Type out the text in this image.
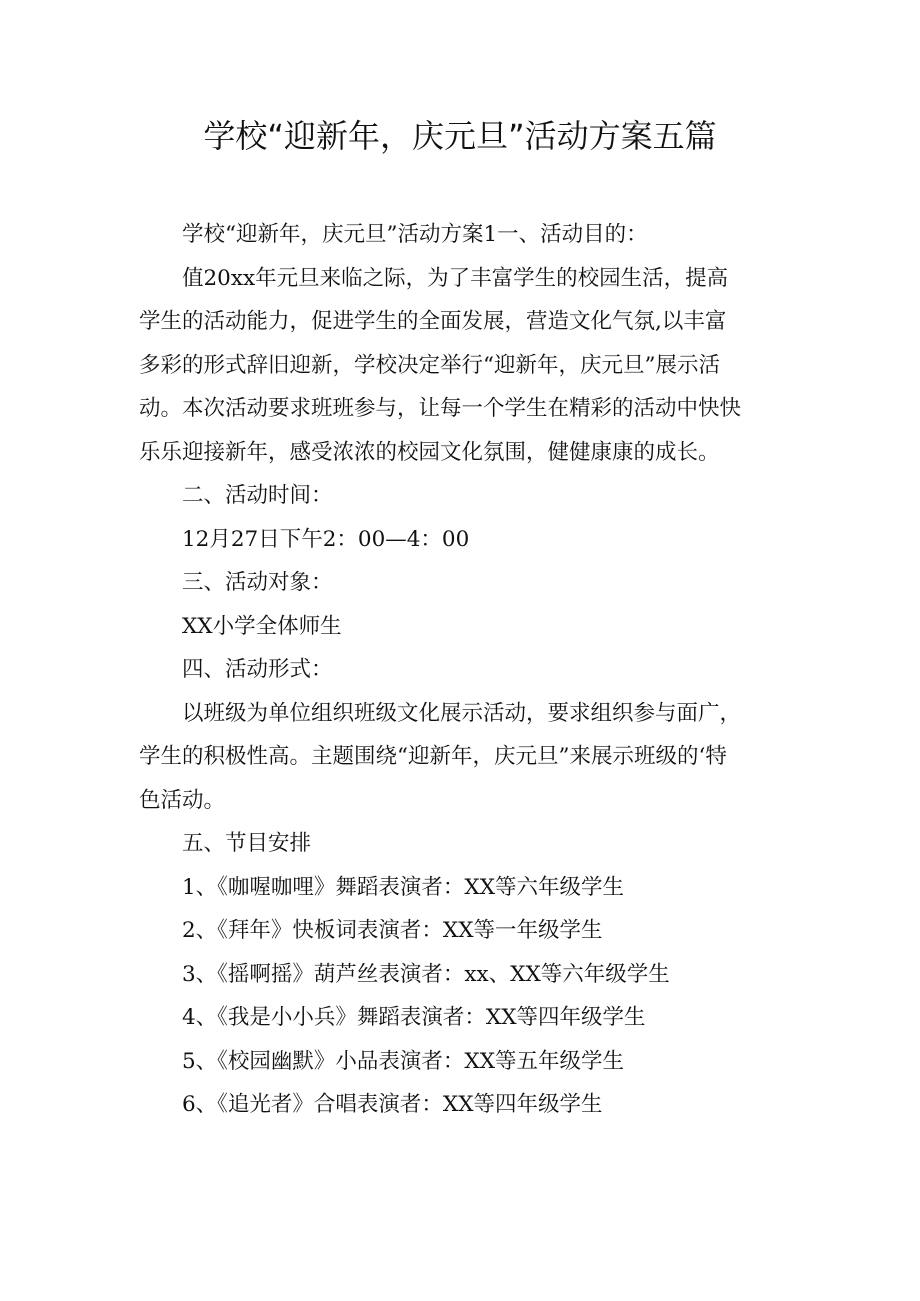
学校“迎新年，庆元旦”活动方案五篇

学校“迎新年，庆元旦”活动方案1一、活动目的：

值20xx年元旦来临之际，为了丰富学生的校园生活，提高
学生的活动能力，促进学生的全面发展，营造文化气氛,以丰富
多彩的形式辞旧迎新，学校决定举行“迎新年，庆元旦”展示活
动。本次活动要求班班参与，让每一个学生在精彩的活动中快快
乐乐迎接新年，感受浓浓的校园文化氛围，健健康康的成长。

二、活动时间：

12月27日下午2：00—4：00

三、活动对象：

XX小学全体师生

四、活动形式：

以班级为单位组织班级文化展示活动，要求组织参与面广，
学生的积极性高。主题围绕“迎新年，庆元旦”来展示班级的‘特
色活动。

五、节目安排

1、《咖喔咖哩》舞蹈表演者：XX等六年级学生

2、《拜年》快板词表演者：XX等一年级学生

3、《摇啊摇》葫芦丝表演者：xx、XX等六年级学生

4、《我是小小兵》舞蹈表演者：XX等四年级学生

5、《校园幽默》小品表演者：XX等五年级学生

6、《追光者》合唱表演者：XX等四年级学生
